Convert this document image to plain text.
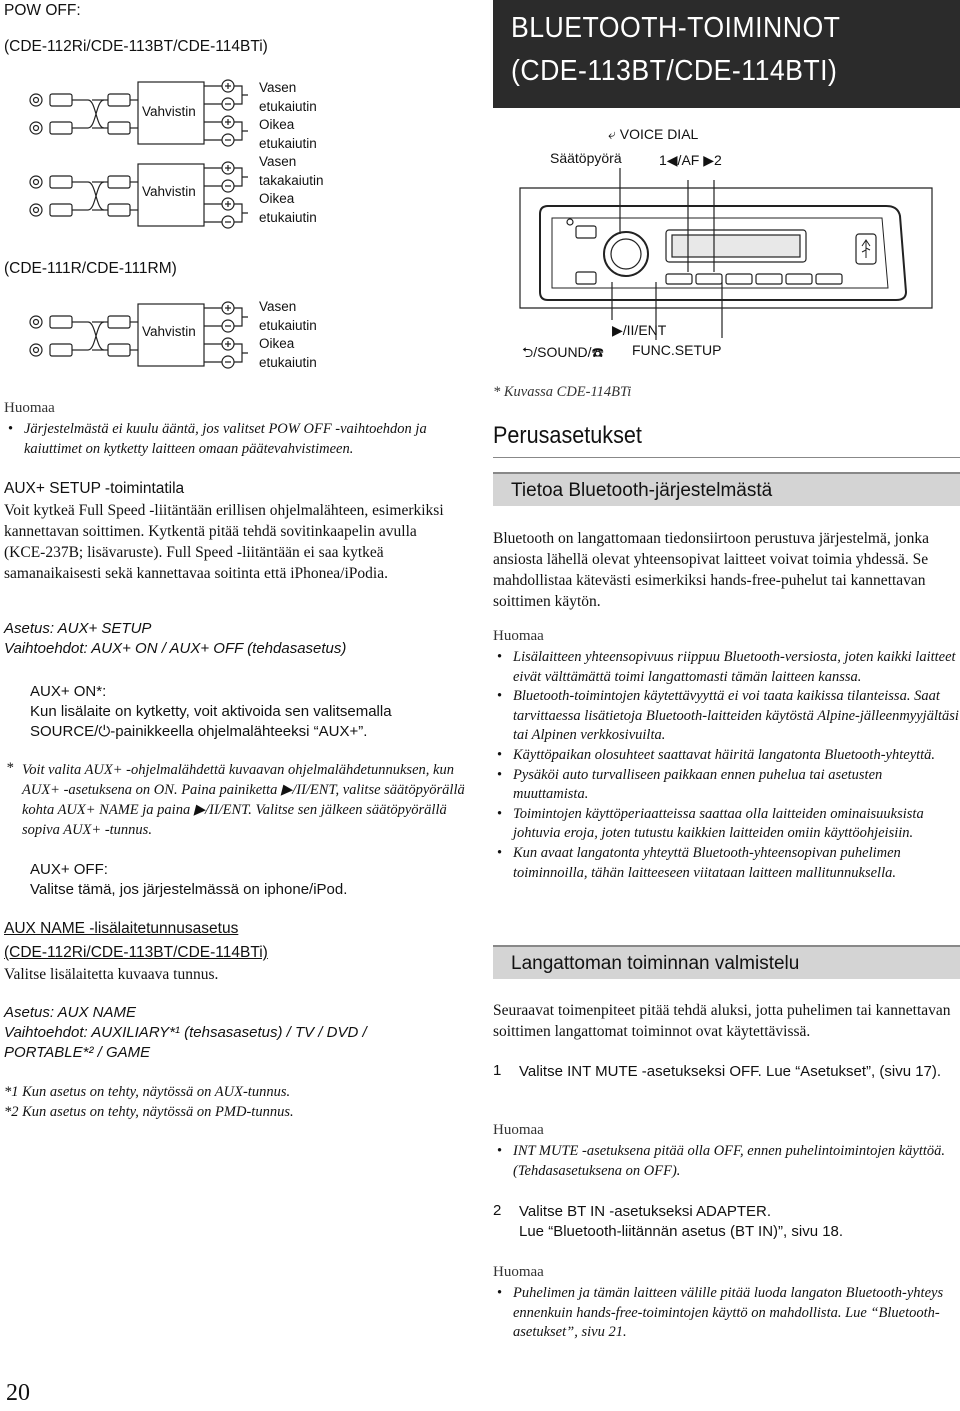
POW OFF:
(CDE-112Ri/CDE-113BT/CDE-114BTi)
Vahvistin
Vahvistin
Vasen
etukaiutin
Oikea
etukaiutin
Vasen
takakaiutin
Oikea
etukaiutin
(CDE-111R/CDE-111RM)
Vahvistin
Vasen
etukaiutin
Oikea
etukaiutin
Huomaa
• Järjestelmästä ei kuulu ääntä, jos valitset POW OFF -vaihtoehdon ja kaiuttimet on kytketty laitteen omaan päätevahvistimeen.
AUX+ SETUP -toimintatila
Voit kytkeä Full Speed -liitäntään erillisen ohjelmalähteen, esimerkiksi kannettavan soittimen. Kytkentä pitää tehdä sovitinkaapelin avulla (KCE-237B; lisävaruste). Full Speed -liitäntään ei saa kytkeä samanaikaisesti sekä kannettavaa soitinta että iPhonea/iPodia.
Asetus: AUX+ SETUP
Vaihtoehdot: AUX+ ON / AUX+ OFF (tehdasasetus)
AUX+ ON*:
Kun lisälaite on kytketty, voit aktivoida sen valitsemalla
SOURCE/⏻-painikkeella ohjelmalähteeksi “AUX+”.
* Voit valita AUX+ -ohjelmalähdettä kuvaavan ohjelmalähdetunnuksen, kun AUX+ -asetuksena on ON. Paina painiketta ▶/II/ENT, valitse säätöpyörällä kohta AUX+ NAME ja paina ▶/II/ENT. Valitse sen jälkeen säätöpyörällä sopiva AUX+ -tunnus.
AUX+ OFF:
Valitse tämä, jos järjestelmässä on iphone/iPod.
AUX NAME -lisälaitetunnusasetus
(CDE-112Ri/CDE-113BT/CDE-114BTi)
Valitse lisälaitetta kuvaava tunnus.
Asetus: AUX NAME
Vaihtoehdot: AUXILIARY*¹ (tehsasasetus) / TV / DVD /
PORTABLE*² / GAME
*1 Kun asetus on tehty, näytössä on AUX-tunnus.
*2 Kun asetus on tehty, näytössä on PMD-tunnus.
20
BLUETOOTH-TOIMINNOT
(CDE-113BT/CDE-114BTI)
⤶ VOICE DIAL
Säätöpyörä	1◀/AF ▶2
▶/II/ENT
⮌/SOUND/☎ FUNC.SETUP
* Kuvassa CDE-114BTi
Perusasetukset
Tietoa Bluetooth-järjestelmästä
Bluetooth on langattomaan tiedonsiirtoon perustuva järjestelmä, jonka ansiosta lähellä olevat yhteensopivat laitteet voivat toimia yhdessä. Se mahdollistaa kätevästi esimerkiksi hands-free-puhelut tai kannettavan soittimen käytön.
Huomaa
• Lisälaitteen yhteensopivuus riippuu Bluetooth-versiosta, joten kaikki laitteet eivät välttämättä toimi langattomasti tämän laitteen kanssa.
• Bluetooth-toimintojen käytettävyyttä ei voi taata kaikissa tilanteissa. Saat tarvittaessa lisätietoja Bluetooth-laitteiden käytöstä Alpine-jälleenmyyjältäsi tai Alpinen verkkosivuilta.
• Käyttöpaikan olosuhteet saattavat häiritä langatonta Bluetooth-yhteyttä.
• Pysäköi auto turvalliseen paikkaan ennen puhelua tai asetusten muuttamista.
• Toimintojen käyttöperiaatteissa saattaa olla laitteiden ominaisuuksista johtuvia eroja, joten tutustu kaikkien laitteiden omiin käyttöohjeisiin.
• Kun avaat langatonta yhteyttä Bluetooth-yhteensopivan puhelimen toiminnoilla, tähän laitteeseen viitataan laitteen mallitunnuksella.
Langattoman toiminnan valmistelu
Seuraavat toimenpiteet pitää tehdä aluksi, jotta puhelimen tai kannettavan soittimen langattomat toiminnot ovat käytettävissä.
1 Valitse INT MUTE -asetukseksi OFF. Lue “Asetukset”, (sivu 17).
Huomaa
• INT MUTE -asetuksena pitää olla OFF, ennen puhelintoimintojen käyttöä. (Tehdasasetuksena on OFF).
2 Valitse BT IN -asetukseksi ADAPTER.
Lue “Bluetooth-liitännän asetus (BT IN)”, sivu 18.
Huomaa
• Puhelimen ja tämän laitteen välille pitää luoda langaton Bluetooth-yhteys ennenkuin hands-free-toimintojen käyttö on mahdollista. Lue “Bluetooth-asetukset”, sivu 21.
